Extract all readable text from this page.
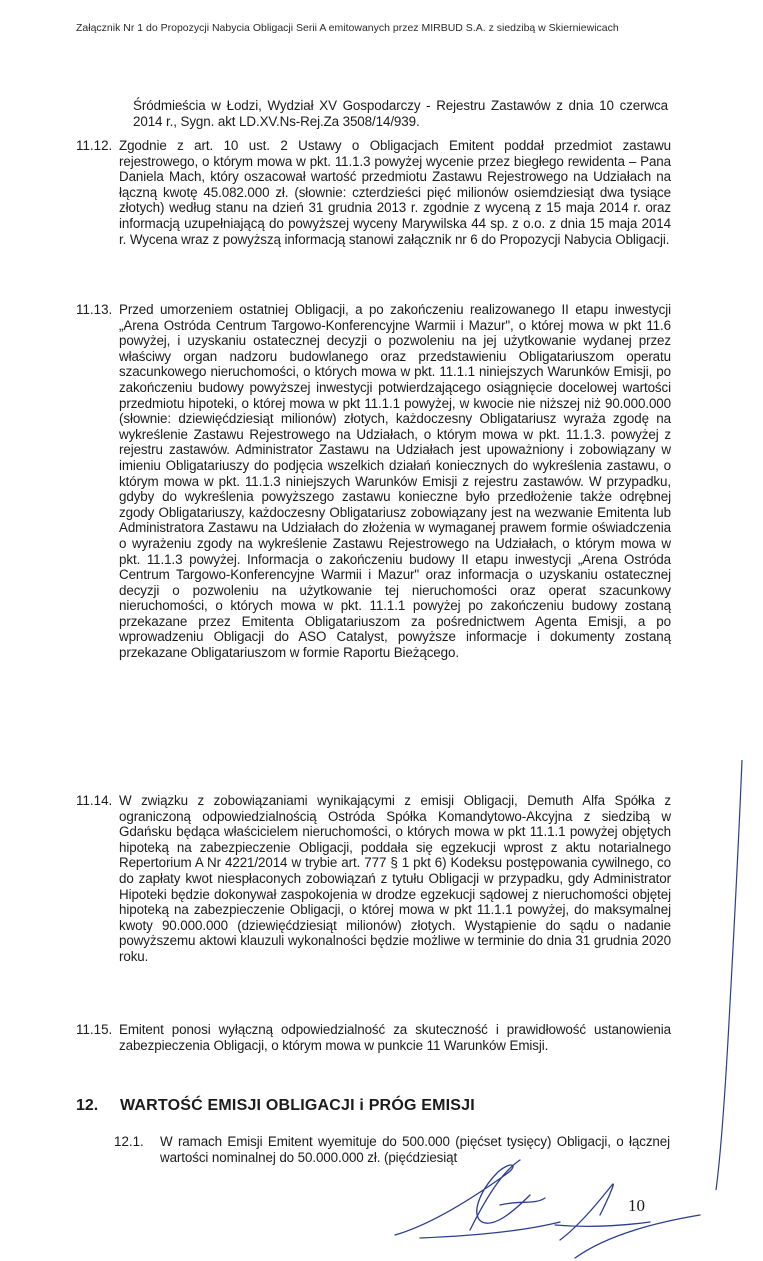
Załącznik Nr 1 do Propozycji Nabycia Obligacji Serii A emitowanych przez MIRBUD S.A. z siedzibą w Skierniewicach
Śródmieścia w Łodzi, Wydział XV Gospodarczy - Rejestru Zastawów z dnia 10 czerwca 2014 r., Sygn. akt LD.XV.Ns-Rej.Za 3508/14/939.
11.12. Zgodnie z art. 10 ust. 2 Ustawy o Obligacjach Emitent poddał przedmiot zastawu rejestrowego, o którym mowa w pkt. 11.1.3 powyżej wycenie przez biegłego rewidenta – Pana Daniela Mach, który oszacował wartość przedmiotu Zastawu Rejestrowego na Udziałach na łączną kwotę 45.082.000 zł. (słownie: czterdzieści pięć milionów osiemdziesiąt dwa tysiące złotych) według stanu na dzień 31 grudnia 2013 r. zgodnie z wyceną z 15 maja 2014 r. oraz informacją uzupełniającą do powyższej wyceny Marywilska 44 sp. z o.o. z dnia 15 maja 2014 r. Wycena wraz z powyższą informacją stanowi załącznik nr 6 do Propozycji Nabycia Obligacji.
11.13. Przed umorzeniem ostatniej Obligacji, a po zakończeniu realizowanego II etapu inwestycji „Arena Ostróda Centrum Targowo-Konferencyjne Warmii i Mazur", o której mowa w pkt 11.6 powyżej, i uzyskaniu ostatecznej decyzji o pozwoleniu na jej użytkowanie wydanej przez właściwy organ nadzoru budowlanego oraz przedstawieniu Obligatariuszom operatu szacunkowego nieruchomości, o których mowa w pkt. 11.1.1 niniejszych Warunków Emisji, po zakończeniu budowy powyższej inwestycji potwierdzającego osiągnięcie docelowej wartości przedmiotu hipoteki, o której mowa w pkt 11.1.1 powyżej, w kwocie nie niższej niż 90.000.000 (słownie: dziewięćdziesiąt milionów) złotych, każdoczesny Obligatariusz wyraża zgodę na wykreślenie Zastawu Rejestrowego na Udziałach, o którym mowa w pkt. 11.1.3. powyżej z rejestru zastawów. Administrator Zastawu na Udziałach jest upoważniony i zobowiązany w imieniu Obligatariuszy do podjęcia wszelkich działań koniecznych do wykreślenia zastawu, o którym mowa w pkt. 11.1.3 niniejszych Warunków Emisji z rejestru zastawów. W przypadku, gdyby do wykreślenia powyższego zastawu konieczne było przedłożenie także odrębnej zgody Obligatariuszy, każdoczesny Obligatariusz zobowiązany jest na wezwanie Emitenta lub Administratora Zastawu na Udziałach do złożenia w wymaganej prawem formie oświadczenia o wyrażeniu zgody na wykreślenie Zastawu Rejestrowego na Udziałach, o którym mowa w pkt. 11.1.3 powyżej. Informacja o zakończeniu budowy II etapu inwestycji „Arena Ostróda Centrum Targowo-Konferencyjne Warmii i Mazur" oraz informacja o uzyskaniu ostatecznej decyzji o pozwoleniu na użytkowanie tej nieruchomości oraz operat szacunkowy nieruchomości, o których mowa w pkt. 11.1.1 powyżej po zakończeniu budowy zostaną przekazane przez Emitenta Obligatariuszom za pośrednictwem Agenta Emisji, a po wprowadzeniu Obligacji do ASO Catalyst, powyższe informacje i dokumenty zostaną przekazane Obligatariuszom w formie Raportu Bieżącego.
11.14. W związku z zobowiązaniami wynikającymi z emisji Obligacji, Demuth Alfa Spółka z ograniczoną odpowiedzialnością Ostróda Spółka Komandytowo-Akcyjna z siedzibą w Gdańsku będąca właścicielem nieruchomości, o których mowa w pkt 11.1.1 powyżej objętych hipoteką na zabezpieczenie Obligacji, poddała się egzekucji wprost z aktu notarialnego Repertorium A Nr 4221/2014 w trybie art. 777 § 1 pkt 6) Kodeksu postępowania cywilnego, co do zapłaty kwot niespłaconych zobowiązań z tytułu Obligacji w przypadku, gdy Administrator Hipoteki będzie dokonywał zaspokojenia w drodze egzekucji sądowej z nieruchomości objętej hipoteką na zabezpieczenie Obligacji, o której mowa w pkt 11.1.1 powyżej, do maksymalnej kwoty 90.000.000 (dziewięćdziesiąt milionów) złotych. Wystąpienie do sądu o nadanie powyższemu aktowi klauzuli wykonalności będzie możliwe w terminie do dnia 31 grudnia 2020 roku.
11.15. Emitent ponosi wyłączną odpowiedzialność za skuteczność i prawidłowość ustanowienia zabezpieczenia Obligacji, o którym mowa w punkcie 11 Warunków Emisji.
12. WARTOŚĆ EMISJI OBLIGACJI i PRÓG EMISJI
12.1. W ramach Emisji Emitent wyemituje do 500.000 (pięćset tysięcy) Obligacji, o łącznej wartości nominalnej do 50.000.000 zł. (pięćdziesiąt
10
